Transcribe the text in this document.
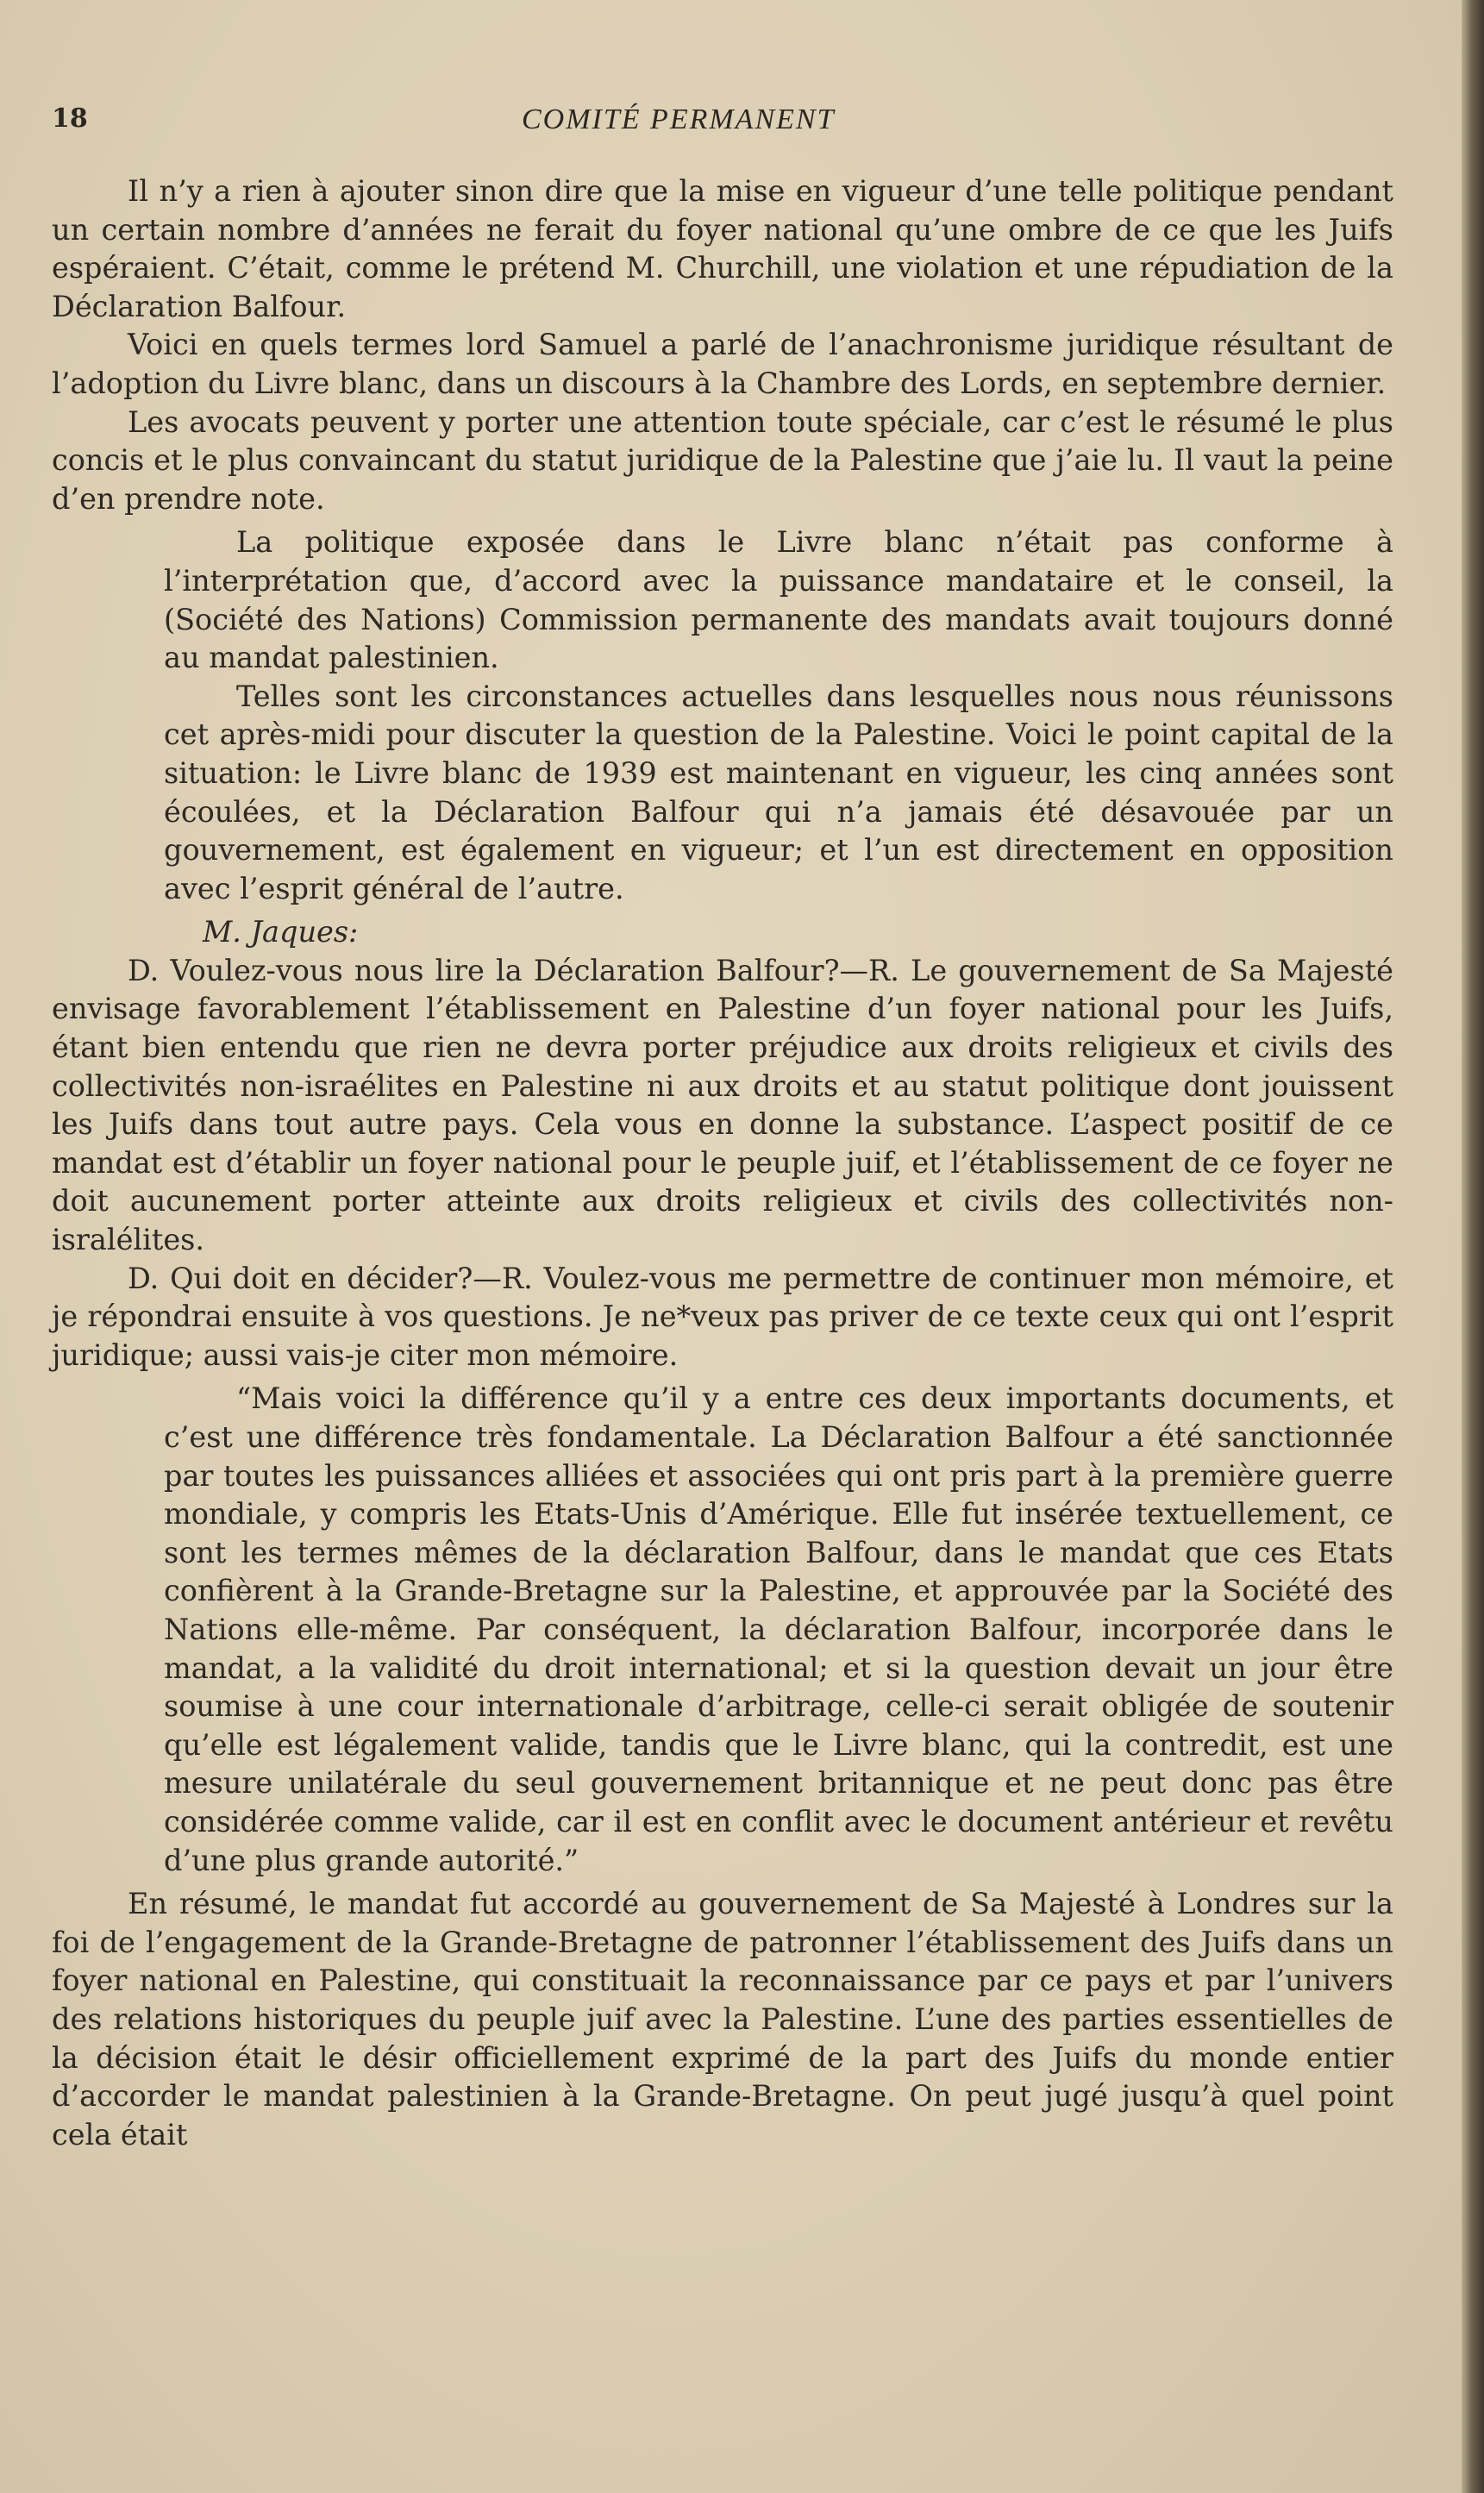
18	COMITÉ PERMANENT

Il n’y a rien à ajouter sinon dire que la mise en vigueur d’une telle politique pendant un certain nombre d’années ne ferait du foyer national qu’une ombre de ce que les Juifs espéraient. C’était, comme le prétend M. Churchill, une violation et une répudiation de la Déclaration Balfour.

Voici en quels termes lord Samuel a parlé de l’anachronisme juridique résultant de l’adoption du Livre blanc, dans un discours à la Chambre des Lords, en septembre dernier.

Les avocats peuvent y porter une attention toute spéciale, car c’est le résumé le plus concis et le plus convaincant du statut juridique de la Palestine que j’aie lu. Il vaut la peine d’en prendre note.

La politique exposée dans le Livre blanc n’était pas conforme à l’interprétation que, d’accord avec la puissance mandataire et le conseil, la (Société des Nations) Commission permanente des mandats avait toujours donné au mandat palestinien.

Telles sont les circonstances actuelles dans lesquelles nous nous réunissons cet après-midi pour discuter la question de la Palestine. Voici le point capital de la situation: le Livre blanc de 1939 est maintenant en vigueur, les cinq années sont écoulées, et la Déclaration Balfour qui n’a jamais été désavouée par un gouvernement, est également en vigueur; et l’un est directement en opposition avec l’esprit général de l’autre.

M. Jaques:

D. Voulez-vous nous lire la Déclaration Balfour?—R. Le gouvernement de Sa Majesté envisage favorablement l’établissement en Palestine d’un foyer national pour les Juifs, étant bien entendu que rien ne devra porter préjudice aux droits religieux et civils des collectivités non-israélites en Palestine ni aux droits et au statut politique dont jouissent les Juifs dans tout autre pays. Cela vous en donne la substance. L’aspect positif de ce mandat est d’établir un foyer national pour le peuple juif, et l’établissement de ce foyer ne doit aucunement porter atteinte aux droits religieux et civils des collectivités non-isralélites.

D. Qui doit en décider?—R. Voulez-vous me permettre de continuer mon mémoire, et je répondrai ensuite à vos questions. Je ne*veux pas priver de ce texte ceux qui ont l’esprit juridique; aussi vais-je citer mon mémoire.

“Mais voici la différence qu’il y a entre ces deux importants documents, et c’est une différence très fondamentale. La Déclaration Balfour a été sanctionnée par toutes les puissances alliées et associées qui ont pris part à la première guerre mondiale, y compris les Etats-Unis d’Amérique. Elle fut insérée textuellement, ce sont les termes mêmes de la déclaration Balfour, dans le mandat que ces Etats confièrent à la Grande-Bretagne sur la Palestine, et approuvée par la Société des Nations elle-même. Par conséquent, la déclaration Balfour, incorporée dans le mandat, a la validité du droit international; et si la question devait un jour être soumise à une cour internationale d’arbitrage, celle-ci serait obligée de soutenir qu’elle est légalement valide, tandis que le Livre blanc, qui la contredit, est une mesure unilatérale du seul gouvernement britannique et ne peut donc pas être considérée comme valide, car il est en conflit avec le document antérieur et revêtu d’une plus grande autorité.”

En résumé, le mandat fut accordé au gouvernement de Sa Majesté à Londres sur la foi de l’engagement de la Grande-Bretagne de patronner l’établissement des Juifs dans un foyer national en Palestine, qui constituait la reconnaissance par ce pays et par l’univers des relations historiques du peuple juif avec la Palestine. L’une des parties essentielles de la décision était le désir officiellement exprimé de la part des Juifs du monde entier d’accorder le mandat palestinien à la Grande-Bretagne. On peut jugé jusqu’à quel point cela était
